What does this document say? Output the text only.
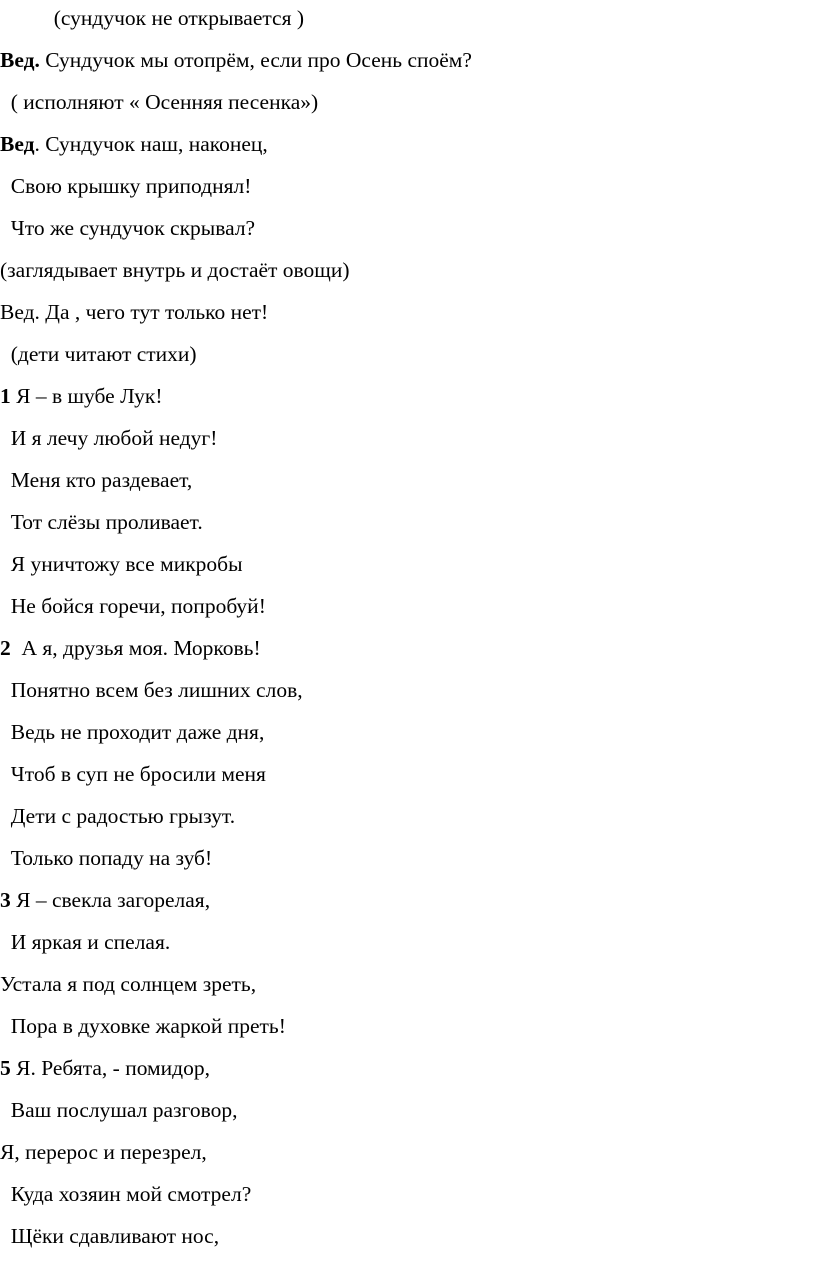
(сундучок не открывается )
Вед. Сундучок мы отопрём, если про Осень споём?
( исполняют « Осенняя песенка»)
Вед. Сундучок наш, наконец,
Свою крышку приподнял!
Что же сундучок скрывал?
(заглядывает внутрь и достаёт овощи)
Вед. Да , чего тут только нет!
(дети читают стихи)
1 Я – в шубе Лук!
И я лечу любой недуг!
Меня кто раздевает,
Тот слёзы проливает.
Я уничтожу все микробы
Не бойся горечи, попробуй!
2  А я, друзья моя. Морковь!
Понятно всем без лишних слов,
Ведь не проходит даже дня,
Чтоб в суп не бросили меня
Дети с радостью грызут.
Только попаду на зуб!
3 Я – свекла загорелая,
И яркая и спелая.
Устала я под солнцем зреть,
Пора в духовке жаркой преть!
5 Я. Ребята, - помидор,
Ваш послушал разговор,
Я, перерос и перезрел,
Куда хозяин мой смотрел?
Щёки сдавливают нос,
